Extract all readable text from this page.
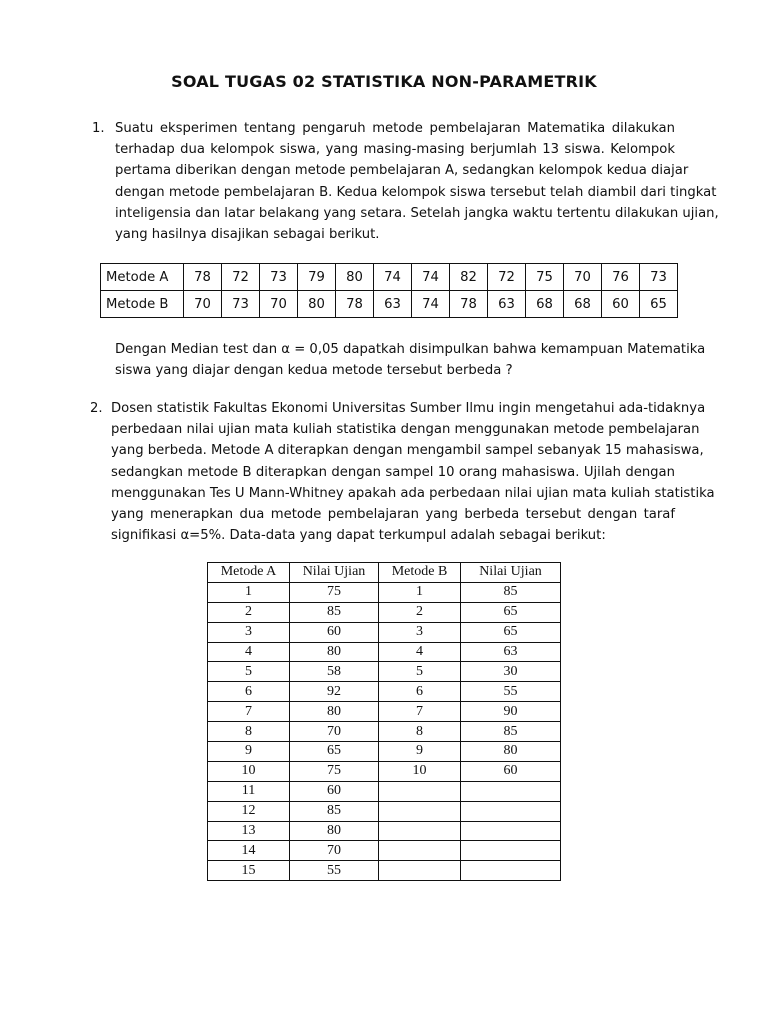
SOAL TUGAS 02 STATISTIKA NON-PARAMETRIK
1. Suatu eksperimen tentang pengaruh metode pembelajaran Matematika dilakukan
terhadap dua kelompok siswa, yang masing-masing berjumlah 13 siswa. Kelompok
pertama diberikan dengan metode pembelajaran A, sedangkan kelompok kedua diajar
dengan metode pembelajaran B. Kedua kelompok siswa tersebut telah diambil dari tingkat
inteligensia dan latar belakang yang setara. Setelah jangka waktu tertentu dilakukan ujian,
yang hasilnya disajikan sebagai berikut.
Metode A	78	72	73	79	80	74	74	82	72	75	70	76	73
Metode B	70	73	70	80	78	63	74	78	63	68	68	60	65
Dengan Median test dan α = 0,05 dapatkah disimpulkan bahwa kemampuan Matematika
siswa yang diajar dengan kedua metode tersebut berbeda ?
2. Dosen statistik Fakultas Ekonomi Universitas Sumber Ilmu ingin mengetahui ada-tidaknya
perbedaan nilai ujian mata kuliah statistika dengan menggunakan metode pembelajaran
yang berbeda. Metode A diterapkan dengan mengambil sampel sebanyak 15 mahasiswa,
sedangkan metode B diterapkan dengan sampel 10 orang mahasiswa. Ujilah dengan
menggunakan Tes U Mann-Whitney apakah ada perbedaan nilai ujian mata kuliah statistika
yang menerapkan dua metode pembelajaran yang berbeda tersebut dengan taraf
signifikasi α=5%. Data-data yang dapat terkumpul adalah sebagai berikut:
Metode A	Nilai Ujian	Metode B	Nilai Ujian
1	75	1	85
2	85	2	65
3	60	3	65
4	80	4	63
5	58	5	30
6	92	6	55
7	80	7	90
8	70	8	85
9	65	9	80
10	75	10	60
11	60		
12	85		
13	80		
14	70		
15	55		
